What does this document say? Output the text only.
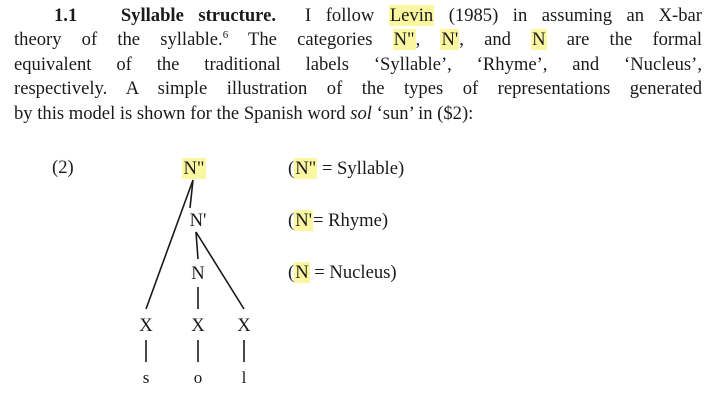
1.1 Syllable structure. I follow Levin (1985) in assuming an X-bar
theory of the syllable.$^6$ The categories N", N', and N are the formal
equivalent of the traditional labels ‘Syllable’, ‘Rhyme’, and ‘Nucleus’,
respectively. A simple illustration of the types of representations generated
by this model is shown for the Spanish word sol ‘sun’ in ($2):
(2)	N"
N'
N
X	X	X
s	o	l
(N" = Syllable)
(N'= Rhyme)
(N = Nucleus)
